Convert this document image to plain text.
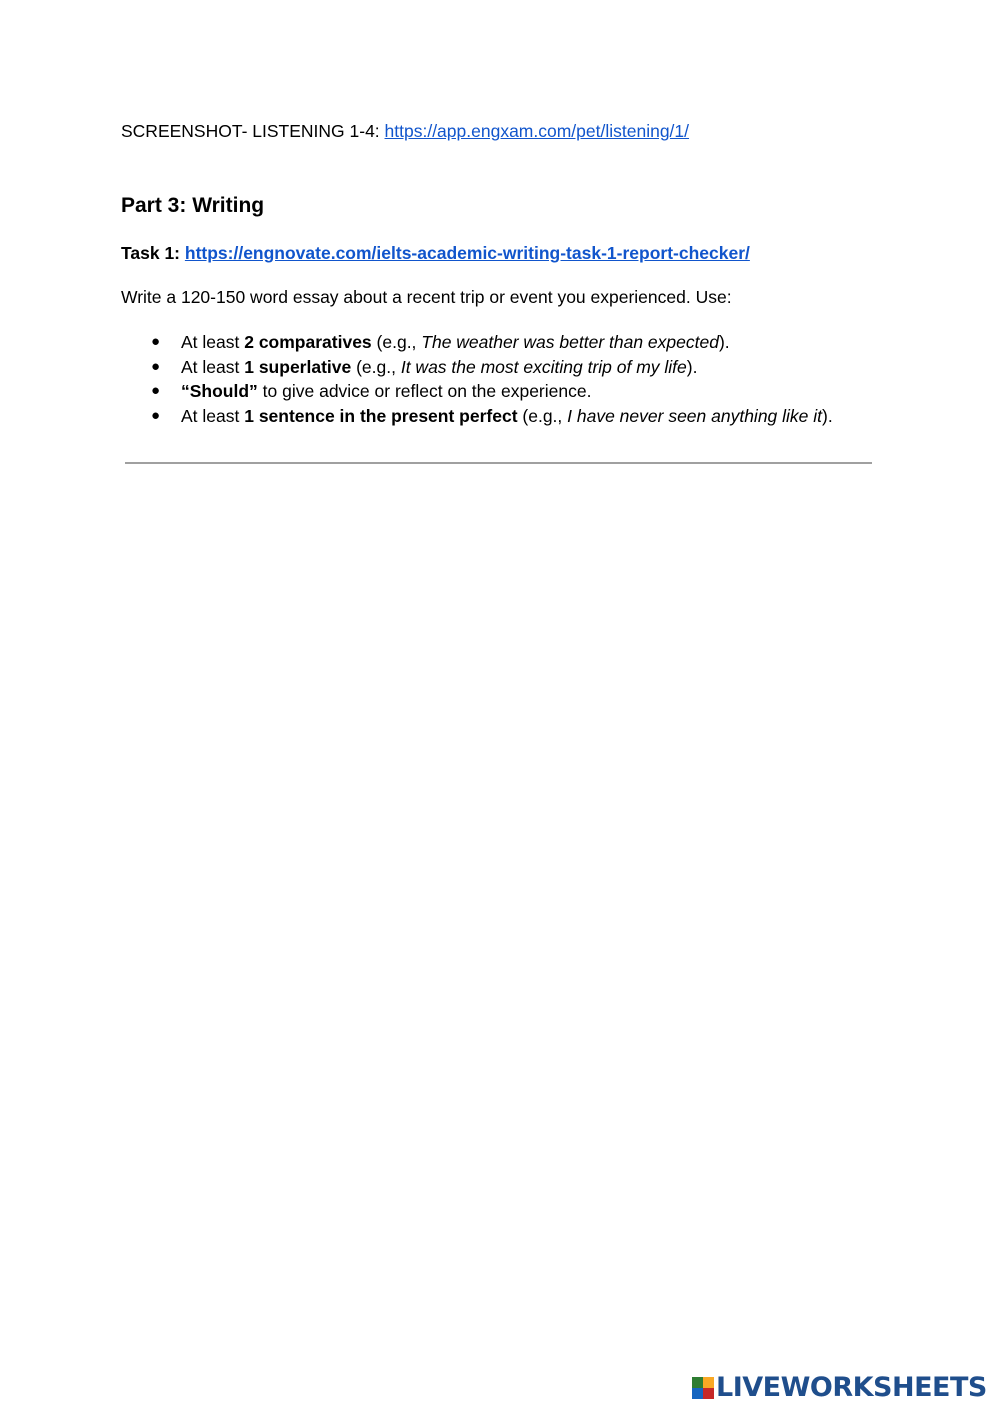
SCREENSHOT- LISTENING 1-4: https://app.engxam.com/pet/listening/1/
Part 3: Writing
Task 1: https://engnovate.com/ielts-academic-writing-task-1-report-checker/
Write a 120-150 word essay about a recent trip or event you experienced. Use:
● At least 2 comparatives (e.g., The weather was better than expected).
● At least 1 superlative (e.g., It was the most exciting trip of my life).
● “Should” to give advice or reflect on the experience.
● At least 1 sentence in the present perfect (e.g., I have never seen anything like it).
LIVEWORKSHEETS
